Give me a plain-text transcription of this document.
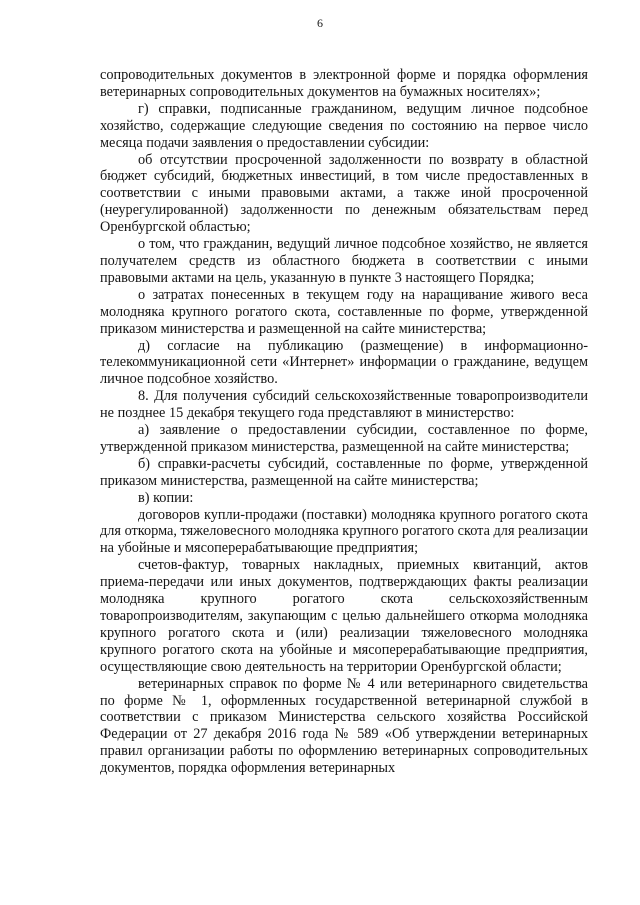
6

сопроводительных документов в электронной форме и порядка оформления ветеринарных сопроводительных документов на бумажных носителях»;

г) справки, подписанные гражданином, ведущим личное подсобное хозяйство, содержащие следующие сведения по состоянию на первое число месяца подачи заявления о предоставлении субсидии:

об отсутствии просроченной задолженности по возврату в областной бюджет субсидий, бюджетных инвестиций, в том числе предоставленных в соответствии с иными правовыми актами, а также иной просроченной (неурегулированной) задолженности по денежным обязательствам перед Оренбургской областью;

о том, что гражданин, ведущий личное подсобное хозяйство, не является получателем средств из областного бюджета в соответствии с иными правовыми актами на цель, указанную в пункте 3 настоящего Порядка;

о затратах понесенных в текущем году на наращивание живого веса молодняка крупного рогатого скота, составленные по форме, утвержденной приказом министерства и размещенной на сайте министерства;

д) согласие на публикацию (размещение) в информационно-телекоммуникационной сети «Интернет» информации о гражданине, ведущем личное подсобное хозяйство.

8. Для получения субсидий сельскохозяйственные товаропроизводители не позднее 15 декабря текущего года представляют в министерство:

а) заявление о предоставлении субсидии, составленное по форме, утвержденной приказом министерства, размещенной на сайте министерства;

б) справки-расчеты субсидий, составленные по форме, утвержденной приказом министерства, размещенной на сайте министерства;

в) копии:

договоров купли-продажи (поставки) молодняка крупного рогатого скота для откорма, тяжеловесного молодняка крупного рогатого скота для реализации на убойные и мясоперерабатывающие предприятия;

счетов-фактур, товарных накладных, приемных квитанций, актов приема-передачи или иных документов, подтверждающих факты реализации молодняка крупного рогатого скота сельскохозяйственным товаропроизводителям, закупающим с целью дальнейшего откорма молодняка крупного рогатого скота и (или) реализации тяжеловесного молодняка крупного рогатого скота на убойные и мясоперерабатывающие предприятия, осуществляющие свою деятельность на территории Оренбургской области;

ветеринарных справок по форме № 4 или ветеринарного свидетельства по форме № 1, оформленных государственной ветеринарной службой в соответствии с приказом Министерства сельского хозяйства Российской Федерации от 27 декабря 2016 года № 589 «Об утверждении ветеринарных правил организации работы по оформлению ветеринарных сопроводительных документов, порядка оформления ветеринарных
